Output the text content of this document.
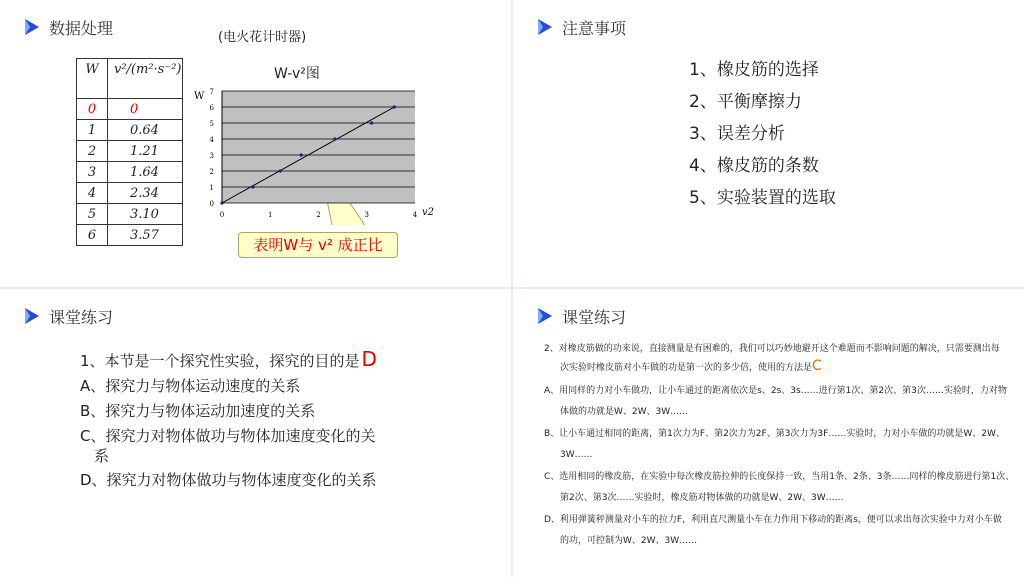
数据处理	(电火花计时器)
W	v²/(m²·s⁻²)
0	0
1	0.64
2	1.21
3	1.64
4	2.34
5	3.10
6	3.57
W-v²图
0
1
2
3
4
5
6
7
0	1	2	3	4
W
v2
表明W与 v² 成正比
注意事项
1、橡皮筋的选择
2、平衡摩擦力
3、误差分析
4、橡皮筋的条数
5、实验装置的选取
课堂练习
1、本节是一个探究性实验，探究的目的是 D
A、探究力与物体运动速度的关系
B、探究力与物体运动加速度的关系
C、探究力对物体做功与物体加速度变化的关
系
D、探究力对物体做功与物体速度变化的关系
课堂练习
2、对橡皮筋做的功来说，直接测量是有困难的，我们可以巧妙地避开这个难题而不影响问题的解决，只需要测出每
次实验时橡皮筋对小车做的功是第一次的多少倍，使用的方法是C
A、用同样的力对小车做功，让小车通过的距离依次是s、2s、3s……进行第1次、第2次、第3次……实验时，力对物
体做的功就是W、2W、3W……
B、让小车通过相同的距离，第1次力为F、第2次力为2F、第3次力为3F……实验时，力对小车做的功就是W、2W、
3W……
C、选用相同的橡皮筋，在实验中每次橡皮筋拉伸的长度保持一致，当用1条、2条、3条……同样的橡皮筋进行第1次、
第2次、第3次……实验时，橡皮筋对物体做的功就是W、2W、3W……
D、利用弹簧秤测量对小车的拉力F，利用直尺测量小车在力作用下移动的距离s，便可以求出每次实验中力对小车做
的功，可控制为W、2W、3W……
